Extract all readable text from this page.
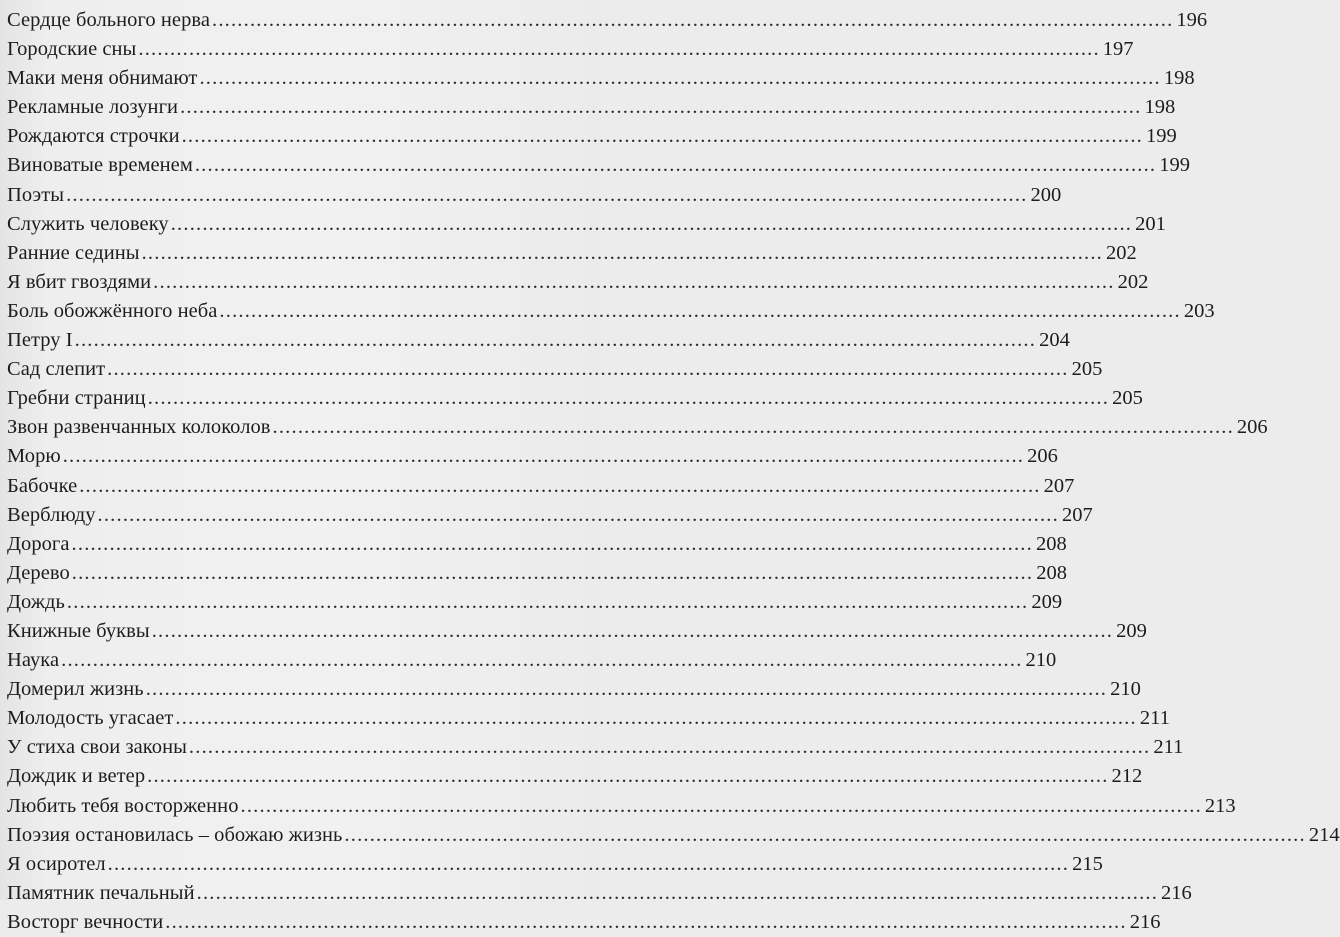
Сердце больного нерва .....	196
Городские сны .....	197
Маки меня обнимают .....	198
Рекламные лозунги .....	198
Рождаются строчки .....	199
Виноватые временем .....	199
Поэты .....	200
Служить человеку .....	201
Ранние седины .....	202
Я вбит гвоздями .....	202
Боль обожжённого неба .....	203
Петру I .....	204
Сад слепит .....	205
Гребни страниц .....	205
Звон развенчанных колоколов .....	206
Морю .....	206
Бабочке .....	207
Верблюду .....	207
Дорога .....	208
Дерево .....	208
Дождь .....	209
Книжные буквы .....	209
Наука .....	210
Домерил жизнь .....	210
Молодость угасает .....	211
У стиха свои законы .....	211
Дождик и ветер .....	212
Любить тебя восторженно .....	213
Поэзия остановилась – обожаю жизнь .....	214
Я осиротел .....	215
Памятник печальный .....	216
Восторг вечности .....	216
